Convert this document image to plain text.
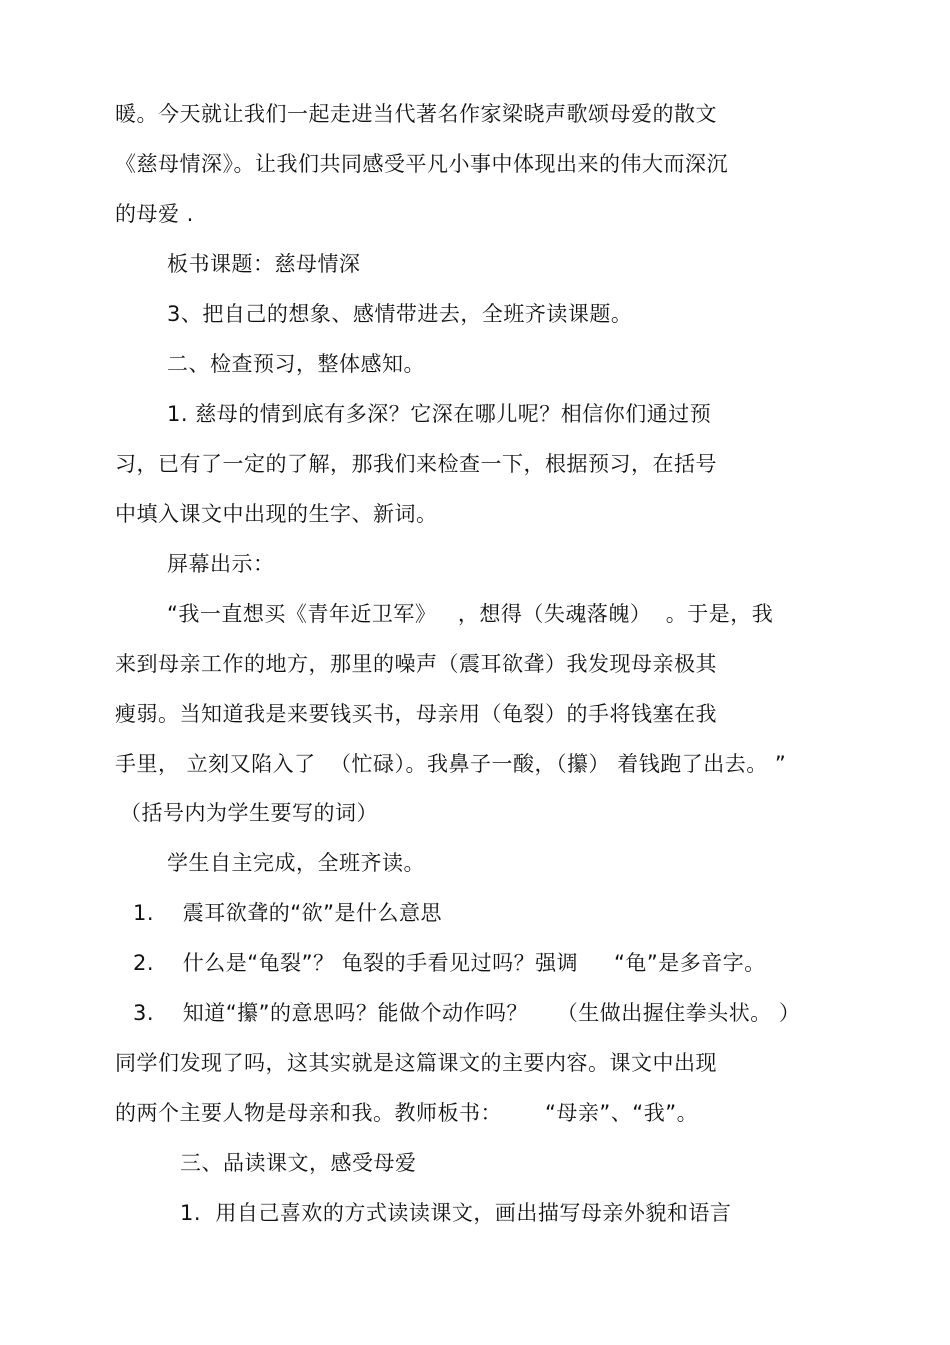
暖。今天就让我们一起走进当代著名作家梁晓声歌颂母爱的散文
《慈母情深》。让我们共同感受平凡小事中体现出来的伟大而深沉
的母爱 .
板书课题：慈母情深
3、把自己的想象、感情带进去，全班齐读课题。
二、检查预习，整体感知。
1. 慈母的情到底有多深？它深在哪儿呢？相信你们通过预
习，已有了一定的了解，那我们来检查一下，根据预习，在括号
中填入课文中出现的生字、新词。
屏幕出示：
“我一直想买《青年近卫军》   ，想得（失魂落魄）  。于是，我
来到母亲工作的地方，那里的噪声（震耳欲聋）我发现母亲极其
瘦弱。当知道我是来要钱买书，母亲用（龟裂）的手将钱塞在我
手里， 立刻又陷入了  （忙碌）。我鼻子一酸，（攥） 着钱跑了出去。 ”
（括号内为学生要写的词）
学生自主完成，全班齐读。
1.    震耳欲聋的“欲”是什么意思
2.    什么是“龟裂”？ 龟裂的手看见过吗？强调     “龟”是多音字。
3.    知道“攥”的意思吗？能做个动作吗？    （生做出握住拳头状。 ）
同学们发现了吗，这其实就是这篇课文的主要内容。课文中出现
的两个主要人物是母亲和我。教师板书：      “母亲”、“我”。
三、品读课文，感受母爱
1.  用自己喜欢的方式读读课文，画出描写母亲外貌和语言
